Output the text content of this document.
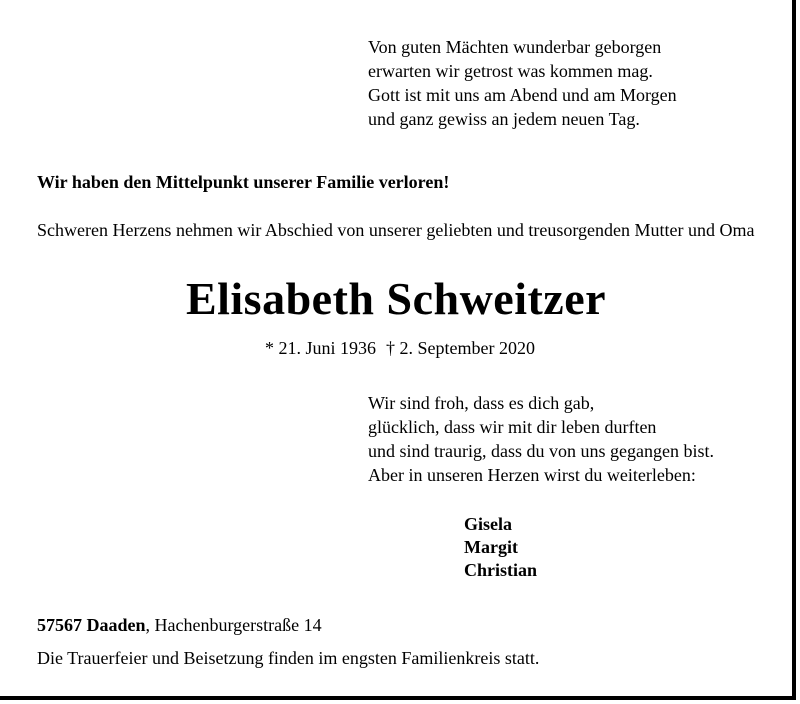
Von guten Mächten wunderbar geborgen
erwarten wir getrost was kommen mag.
Gott ist mit uns am Abend und am Morgen
und ganz gewiss an jedem neuen Tag.
Wir haben den Mittelpunkt unserer Familie verloren!
Schweren Herzens nehmen wir Abschied von unserer geliebten und treusorgenden Mutter und Oma
Elisabeth Schweitzer
* 21. Juni 1936 † 2. September 2020
Wir sind froh, dass es dich gab,
glücklich, dass wir mit dir leben durften
und sind traurig, dass du von uns gegangen bist.
Aber in unseren Herzen wirst du weiterleben:
Gisela
Margit
Christian
57567 Daaden, Hachenburgerstraße 14
Die Trauerfeier und Beisetzung finden im engsten Familienkreis statt.
